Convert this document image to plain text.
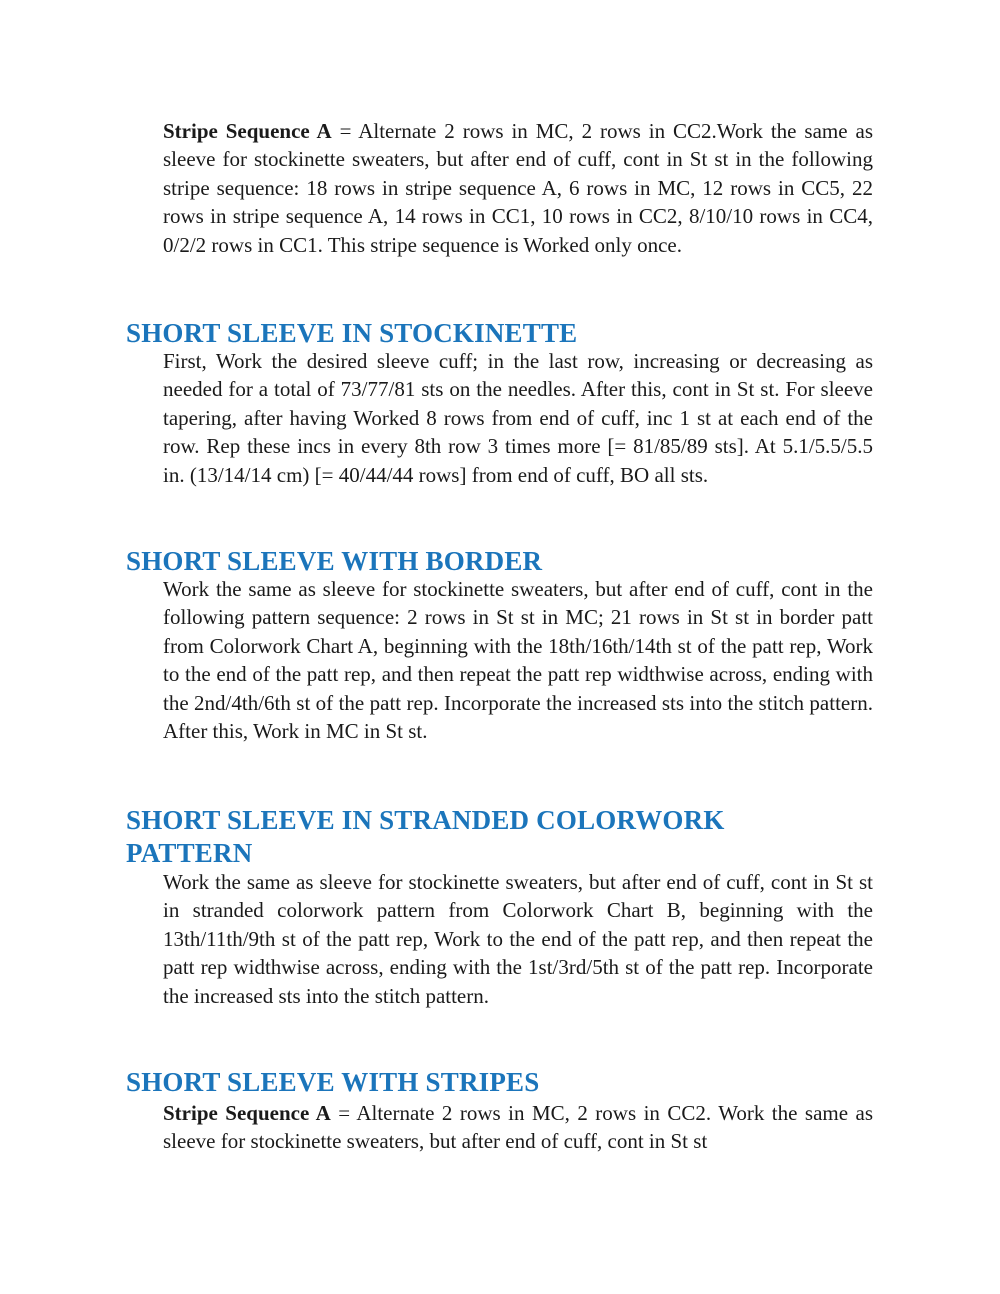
Stripe Sequence A = Alternate 2 rows in MC, 2 rows in CC2.Work the same as sleeve for stockinette sweaters, but after end of cuff, cont in St st in the following stripe sequence: 18 rows in stripe sequence A, 6 rows in MC, 12 rows in CC5, 22 rows in stripe sequence A, 14 rows in CC1, 10 rows in CC2, 8/10/10 rows in CC4, 0/2/2 rows in CC1. This stripe sequence is Worked only once.

SHORT SLEEVE IN STOCKINETTE

First, Work the desired sleeve cuff; in the last row, increasing or decreasing as needed for a total of 73/77/81 sts on the needles. After this, cont in St st. For sleeve tapering, after having Worked 8 rows from end of cuff, inc 1 st at each end of the row. Rep these incs in every 8th row 3 times more [= 81/85/89 sts]. At 5.1/5.5/5.5 in. (13/14/14 cm) [= 40/44/44 rows] from end of cuff, BO all sts.

SHORT SLEEVE WITH BORDER

Work the same as sleeve for stockinette sweaters, but after end of cuff, cont in the following pattern sequence: 2 rows in St st in MC; 21 rows in St st in border patt from Colorwork Chart A, beginning with the 18th/16th/14th st of the patt rep, Work to the end of the patt rep, and then repeat the patt rep widthwise across, ending with the 2nd/4th/6th st of the patt rep. Incorporate the increased sts into the stitch pattern. After this, Work in MC in St st.

SHORT SLEEVE IN STRANDED COLORWORK
PATTERN

Work the same as sleeve for stockinette sweaters, but after end of cuff, cont in St st in stranded colorwork pattern from Colorwork Chart B, beginning with the 13th/11th/9th st of the patt rep, Work to the end of the patt rep, and then repeat the patt rep widthwise across, ending with the 1st/3rd/5th st of the patt rep. Incorporate the increased sts into the stitch pattern.

SHORT SLEEVE WITH STRIPES

Stripe Sequence A = Alternate 2 rows in MC, 2 rows in CC2. Work the same as sleeve for stockinette sweaters, but after end of cuff, cont in St st
